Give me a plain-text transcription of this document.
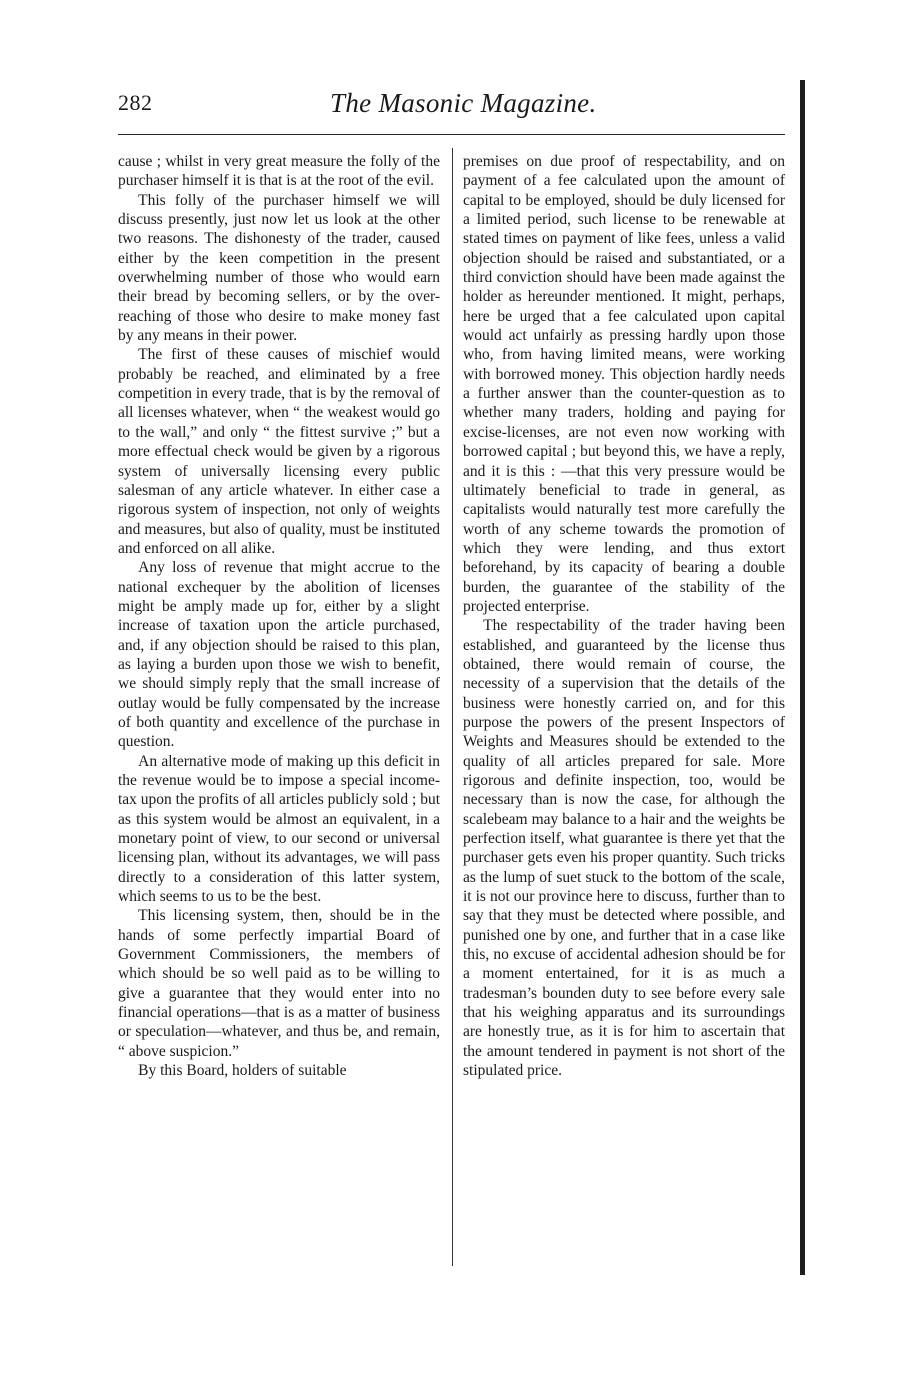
282	The Masonic Magazine.

cause ; whilst in very great measure the folly of the purchaser himself it is that is at the root of the evil.

This folly of the purchaser himself we will discuss presently, just now let us look at the other two reasons. The dishonesty of the trader, caused either by the keen competition in the present overwhelming number of those who would earn their bread by becoming sellers, or by the over-reaching of those who desire to make money fast by any means in their power.

The first of these causes of mischief would probably be reached, and eliminated by a free competition in every trade, that is by the removal of all licenses whatever, when “ the weakest would go to the wall,” and only “ the fittest survive ;” but a more effectual check would be given by a rigorous system of universally licensing every public salesman of any article whatever. In either case a rigorous system of inspection, not only of weights and measures, but also of quality, must be instituted and enforced on all alike.

Any loss of revenue that might accrue to the national exchequer by the abolition of licenses might be amply made up for, either by a slight increase of taxation upon the article purchased, and, if any objection should be raised to this plan, as laying a burden upon those we wish to benefit, we should simply reply that the small increase of outlay would be fully compensated by the increase of both quantity and excellence of the purchase in question.

An alternative mode of making up this deficit in the revenue would be to impose a special income-tax upon the profits of all articles publicly sold ; but as this system would be almost an equivalent, in a monetary point of view, to our second or universal licensing plan, without its advantages, we will pass directly to a consideration of this latter system, which seems to us to be the best.

This licensing system, then, should be in the hands of some perfectly impartial Board of Government Commissioners, the members of which should be so well paid as to be willing to give a guarantee that they would enter into no financial operations—that is as a matter of business or speculation—whatever, and thus be, and remain, “ above suspicion.”

By this Board, holders of suitable

premises on due proof of respectability, and on payment of a fee calculated upon the amount of capital to be employed, should be duly licensed for a limited period, such license to be renewable at stated times on payment of like fees, unless a valid objection should be raised and substantiated, or a third conviction should have been made against the holder as hereunder mentioned. It might, perhaps, here be urged that a fee calculated upon capital would act unfairly as pressing hardly upon those who, from having limited means, were working with borrowed money. This objection hardly needs a further answer than the counter-question as to whether many traders, holding and paying for excise-licenses, are not even now working with borrowed capital ; but beyond this, we have a reply, and it is this : —that this very pressure would be ultimately beneficial to trade in general, as capitalists would naturally test more carefully the worth of any scheme towards the promotion of which they were lending, and thus extort beforehand, by its capacity of bearing a double burden, the guarantee of the stability of the projected enterprise.

The respectability of the trader having been established, and guaranteed by the license thus obtained, there would remain of course, the necessity of a supervision that the details of the business were honestly carried on, and for this purpose the powers of the present Inspectors of Weights and Measures should be extended to the quality of all articles prepared for sale. More rigorous and definite inspection, too, would be necessary than is now the case, for although the scalebeam may balance to a hair and the weights be perfection itself, what guarantee is there yet that the purchaser gets even his proper quantity. Such tricks as the lump of suet stuck to the bottom of the scale, it is not our province here to discuss, further than to say that they must be detected where possible, and punished one by one, and further that in a case like this, no excuse of accidental adhesion should be for a moment entertained, for it is as much a tradesman’s bounden duty to see before every sale that his weighing apparatus and its surroundings are honestly true, as it is for him to ascertain that the amount tendered in payment is not short of the stipulated price.
